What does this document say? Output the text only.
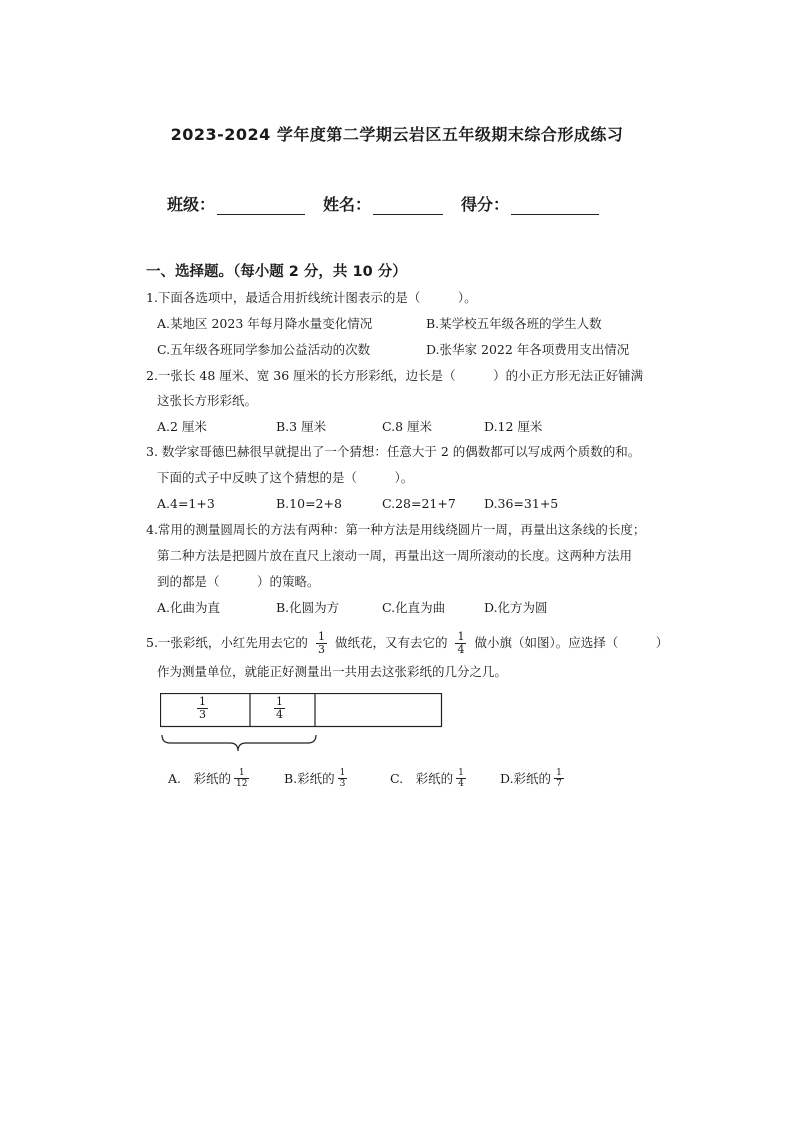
2023-2024 学年度第二学期云岩区五年级期末综合形成练习
班级：	姓名：	得分：
一、选择题。（每小题 2 分，共 10 分）
1.下面各选项中，最适合用折线统计图表示的是（　　　）。
A.某地区 2023 年每月降水量变化情况	B.某学校五年级各班的学生人数
C.五年级各班同学参加公益活动的次数	D.张华家 2022 年各项费用支出情况
2.一张长 48 厘米、宽 36 厘米的长方形彩纸，边长是（　　　）的小正方形无法正好铺满
这张长方形彩纸。
A.2 厘米	B.3 厘米	C.8 厘米	D.12 厘米
3. 数学家哥德巴赫很早就提出了一个猜想：任意大于 2 的偶数都可以写成两个质数的和。
下面的式子中反映了这个猜想的是（　　　）。
A.4=1+3	B.10=2+8	C.28=21+7 D.36=31+5
4.常用的测量圆周长的方法有两种：第一种方法是用线绕圆片一周，再量出这条线的长度；
第二种方法是把圆片放在直尺上滚动一周，再量出这一周所滚动的长度。这两种方法用
到的都是（　　　）的策略。
A.化曲为直	B.化圆为方	C.化直为曲	D.化方为圆
5.一张彩纸，小红先用去它的 $\frac{1}{3}$ 做纸花，又有去它的 $\frac{1}{4}$ 做小旗（如图）。应选择（　　　）
作为测量单位，就能正好测量出一共用去这张彩纸的几分之几。
1
3
1
4
A.　彩纸的 $\frac{1}{12}$	B.彩纸的 $\frac{1}{3}$	C.　彩纸的 $\frac{1}{4}$	D.彩纸的 $\frac{1}{7}$
